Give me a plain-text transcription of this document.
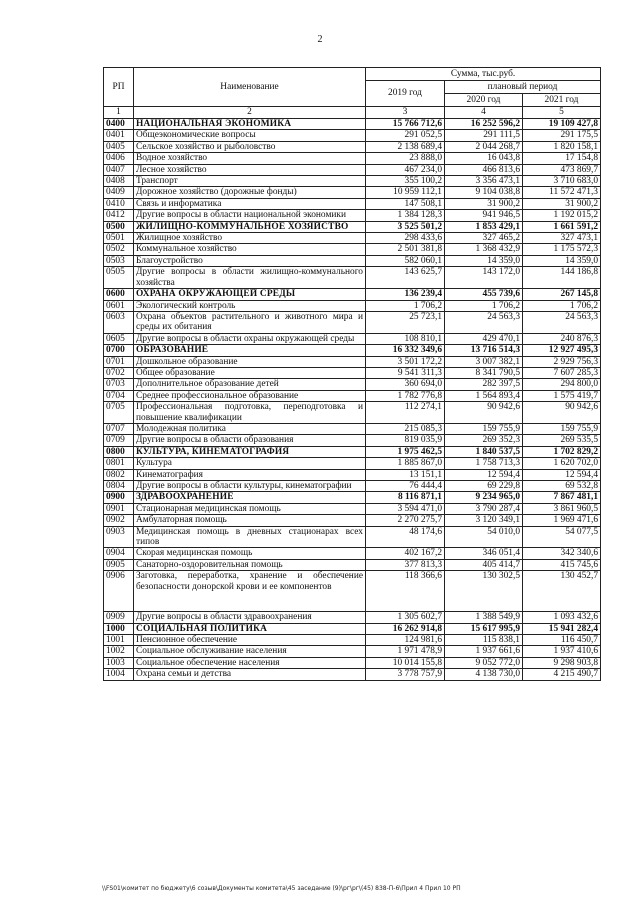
2
РП	Наименование	Сумма, тыс.руб.		
		2019 год	плановый период	
			2020 год	2021 год
1	2	3	4	5
0400	НАЦИОНАЛЬНАЯ ЭКОНОМИКА	15 766 712,6	16 252 596,2	19 109 427,8
0401	Общеэкономические вопросы	291 052,5	291 111,5	291 175,5
0405	Сельское хозяйство и рыболовство	2 138 689,4	2 044 268,7	1 820 158,1
0406	Водное хозяйство	23 888,0	16 043,8	17 154,8
0407	Лесное хозяйство	467 234,0	466 813,6	473 869,7
0408	Транспорт	355 100,2	3 356 473,1	3 710 683,0
0409	Дорожное хозяйство (дорожные фонды)	10 959 112,1	9 104 038,8	11 572 471,3
0410	Связь и информатика	147 508,1	31 900,2	31 900,2
0412	Другие вопросы в области национальной экономики	1 384 128,3	941 946,5	1 192 015,2
0500	ЖИЛИЩНО-КОММУНАЛЬНОЕ ХОЗЯЙСТВО	3 525 501,2	1 853 429,1	1 661 591,2
0501	Жилищное хозяйство	298 433,6	327 465,2	327 473,1
0502	Коммунальное хозяйство	2 501 381,8	1 368 432,9	1 175 572,3
0503	Благоустройство	582 060,1	14 359,0	14 359,0
0505	Другие вопросы в области жилищно-коммунального хозяйства	143 625,7	143 172,0	144 186,8
0600	ОХРАНА ОКРУЖАЮЩЕЙ СРЕДЫ	136 239,4	455 739,6	267 145,8
0601	Экологический контроль	1 706,2	1 706,2	1 706,2
0603	Охрана объектов растительного и животного мира и среды их обитания	25 723,1	24 563,3	24 563,3
0605	Другие вопросы в области охраны окружающей среды	108 810,1	429 470,1	240 876,3
0700	ОБРАЗОВАНИЕ	16 332 349,6	13 716 514,3	12 927 495,3
0701	Дошкольное образование	3 501 172,2	3 007 382,1	2 929 756,3
0702	Общее образование	9 541 311,3	8 341 790,5	7 607 285,3
0703	Дополнительное образование детей	360 694,0	282 397,5	294 800,0
0704	Среднее профессиональное образование	1 782 776,8	1 564 893,4	1 575 419,7
0705	Профессиональная подготовка, переподготовка и повышение квалификации	112 274,1	90 942,6	90 942,6
0707	Молодежная политика	215 085,3	159 755,9	159 755,9
0709	Другие вопросы в области образования	819 035,9	269 352,3	269 535,5
0800	КУЛЬТУРА, КИНЕМАТОГРАФИЯ	1 975 462,5	1 840 537,5	1 702 829,2
0801	Культура	1 885 867,0	1 758 713,3	1 620 702,0
0802	Кинематография	13 151,1	12 594,4	12 594,4
0804	Другие вопросы в области культуры, кинематографии	76 444,4	69 229,8	69 532,8
0900	ЗДРАВООХРАНЕНИЕ	8 116 871,1	9 234 965,0	7 867 481,1
0901	Стационарная медицинская помощь	3 594 471,0	3 790 287,4	3 861 960,5
0902	Амбулаторная помощь	2 270 275,7	3 120 349,1	1 969 471,6
0903	Медицинская помощь в дневных стационарах всех типов	48 174,6	54 010,0	54 077,5
0904	Скорая медицинская помощь	402 167,2	346 051,4	342 340,6
0905	Санаторно-оздоровительная помощь	377 813,3	405 414,7	415 745,6
0906	Заготовка, переработка, хранение и обеспечение безопасности донорской крови и ее компонентов	118 366,6	130 302,5	130 452,7
0909	Другие вопросы в области здравоохранения	1 305 602,7	1 388 549,9	1 093 432,6
1000	СОЦИАЛЬНАЯ ПОЛИТИКА	16 262 914,8	15 617 995,9	15 941 282,4
1001	Пенсионное обеспечение	124 981,6	115 838,1	116 450,7
1002	Социальное обслуживание населения	1 971 478,9	1 937 661,6	1 937 410,6
1003	Социальное обеспечение населения	10 014 155,8	9 052 772,0	9 298 903,8
1004	Охрана семьи и детства	3 778 757,9	4 138 730,0	4 215 490,7
\\FS01\комитет по бюджету\6 созыв\Документы комитета\45 заседание (9)\рг\рг\(45) 838-П-6\Прил 4 Прил 10 РП
